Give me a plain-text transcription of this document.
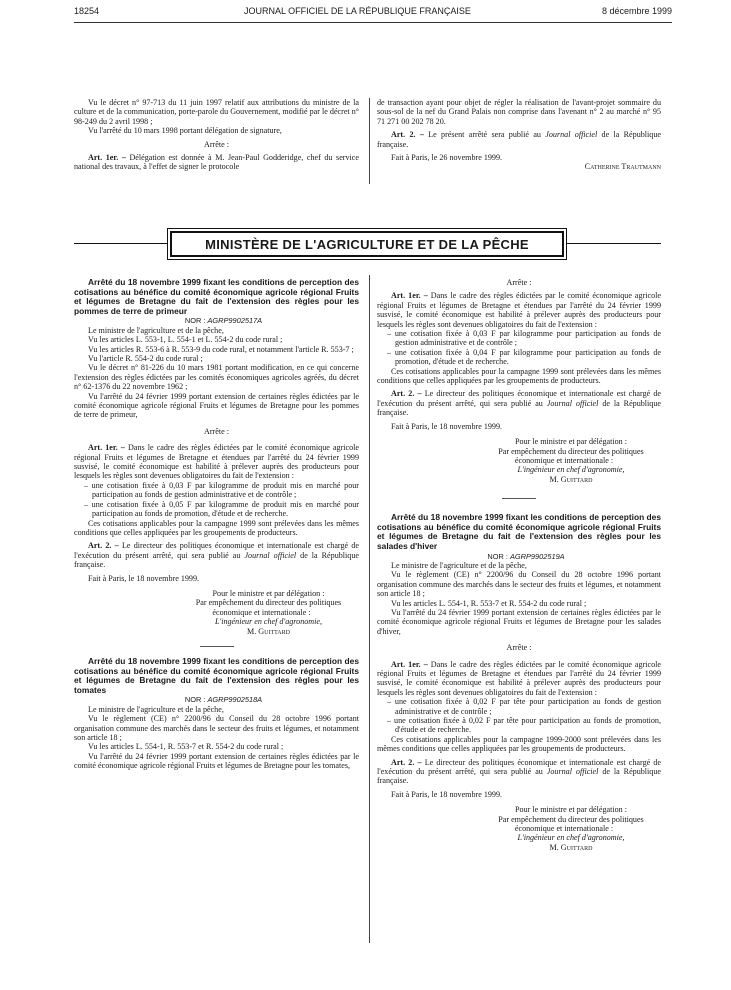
18254	JOURNAL OFFICIEL DE LA RÉPUBLIQUE FRANÇAISE	8 décembre 1999

Vu le décret n° 97-713 du 11 juin 1997 relatif aux attributions du ministre de la culture et de la communication, porte-parole du Gouvernement, modifié par le décret n° 98-249 du 2 avril 1998 ;

Vu l'arrêté du 10 mars 1998 portant délégation de signature,

Arrête :

Art. 1er. – Délégation est donnée à M. Jean-Paul Godderidge, chef du service national des travaux, à l'effet de signer le protocole

de transaction ayant pour objet de régler la réalisation de l'avant-projet sommaire du sous-sol de la nef du Grand Palais non comprise dans l'avenant n° 2 au marché n° 95 71 271 00 202 78 20.

Art. 2. – Le présent arrêté sera publié au Journal officiel de la République française.

Fait à Paris, le 26 novembre 1999.

Catherine Trautmann

MINISTÈRE DE L'AGRICULTURE ET DE LA PÊCHE

Arrêté du 18 novembre 1999 fixant les conditions de perception des cotisations au bénéfice du comité économique agricole régional Fruits et légumes de Bretagne du fait de l'extension des règles pour les pommes de terre de primeur

NOR : AGRP9902517A

Le ministre de l'agriculture et de la pêche,

Vu les articles L. 553-1, L. 554-1 et L. 554-2 du code rural ;

Vu les articles R. 553-6 à R. 553-9 du code rural, et notamment l'article R. 553-7 ;

Vu l'article R. 554-2 du code rural ;

Vu le décret n° 81-226 du 10 mars 1981 portant modification, en ce qui concerne l'extension des règles édictées par les comités économiques agricoles agréés, du décret n° 62-1376 du 22 novembre 1962 ;

Vu l'arrêté du 24 février 1999 portant extension de certaines règles édictées par le comité économique agricole régional Fruits et légumes de Bretagne pour les pommes de terre de primeur,

Arrête :

Art. 1er. – Dans le cadre des règles édictées par le comité économique agricole régional Fruits et légumes de Bretagne et étendues par l'arrêté du 24 février 1999 susvisé, le comité économique est habilité à prélever auprès des producteurs pour lesquels les règles sont devenues obligatoires du fait de l'extension :

– une cotisation fixée à 0,03 F par kilogramme de produit mis en marché pour participation au fonds de gestion administrative et de contrôle ;
– une cotisation fixée à 0,05 F par kilogramme de produit mis en marché pour participation au fonds de promotion, d'étude et de recherche.

Ces cotisations applicables pour la campagne 1999 sont prélevées dans les mêmes conditions que celles appliquées par les groupements de producteurs.

Art. 2. – Le directeur des politiques économique et internationale est chargé de l'exécution du présent arrêté, qui sera publié au Journal officiel de la République française.

Fait à Paris, le 18 novembre 1999.

Pour le ministre et par délégation :

Par empêchement du directeur des politiques économique et internationale :

L'ingénieur en chef d'agronomie,

M. Guittard

Arrêté du 18 novembre 1999 fixant les conditions de perception des cotisations au bénéfice du comité économique agricole régional Fruits et légumes de Bretagne du fait de l'extension des règles pour les tomates

NOR : AGRP9902518A

Le ministre de l'agriculture et de la pêche,

Vu le règlement (CE) n° 2200/96 du Conseil du 28 octobre 1996 portant organisation commune des marchés dans le secteur des fruits et légumes, et notamment son article 18 ;

Vu les articles L. 554-1, R. 553-7 et R. 554-2 du code rural ;

Vu l'arrêté du 24 février 1999 portant extension de certaines règles édictées par le comité économique agricole régional Fruits et légumes de Bretagne pour les tomates,

Arrête :

Art. 1er. – Dans le cadre des règles édictées par le comité économique agricole régional Fruits et légumes de Bretagne et étendues par l'arrêté du 24 février 1999 susvisé, le comité économique est habilité à prélever auprès des producteurs pour lesquels les règles sont devenues obligatoires du fait de l'extension :

– une cotisation fixée à 0,03 F par kilogramme pour participation au fonds de gestion administrative et de contrôle ;
– une cotisation fixée à 0,04 F par kilogramme pour participation au fonds de promotion, d'étude et de recherche.

Ces cotisations applicables pour la campagne 1999 sont prélevées dans les mêmes conditions que celles appliquées par les groupements de producteurs.

Art. 2. – Le directeur des politiques économique et internationale est chargé de l'exécution du présent arrêté, qui sera publié au Journal officiel de la République française.

Fait à Paris, le 18 novembre 1999.

Pour le ministre et par délégation :

Par empêchement du directeur des politiques économique et internationale :

L'ingénieur en chef d'agronomie,

M. Guittard

Arrêté du 18 novembre 1999 fixant les conditions de perception des cotisations au bénéfice du comité économique agricole régional Fruits et légumes de Bretagne du fait de l'extension des règles pour les salades d'hiver

NOR : AGRP9902519A

Le ministre de l'agriculture et de la pêche,

Vu le règlement (CE) n° 2200/96 du Conseil du 28 octobre 1996 portant organisation commune des marchés dans le secteur des fruits et légumes, et notamment son article 18 ;

Vu les articles L. 554-1, R. 553-7 et R. 554-2 du code rural ;

Vu l'arrêté du 24 février 1999 portant extension de certaines règles édictées par le comité économique agricole régional Fruits et légumes de Bretagne pour les salades d'hiver,

Arrête :

Art. 1er. – Dans le cadre des règles édictées par le comité économique agricole régional Fruits et légumes de Bretagne et étendues par l'arrêté du 24 février 1999 susvisé, le comité économique est habilité à prélever auprès des producteurs pour lesquels les règles sont devenues obligatoires du fait de l'extension :

– une cotisation fixée à 0,02 F par tête pour participation au fonds de gestion administrative et de contrôle ;
– une cotisation fixée à 0,02 F par tête pour participation au fonds de promotion, d'étude et de recherche.

Ces cotisations applicables pour la campagne 1999-2000 sont prélevées dans les mêmes conditions que celles appliquées par les groupements de producteurs.

Art. 2. – Le directeur des politiques économique et internationale est chargé de l'exécution du présent arrêté, qui sera publié au Journal officiel de la République française.

Fait à Paris, le 18 novembre 1999.

Pour le ministre et par délégation :

Par empêchement du directeur des politiques économique et internationale :

L'ingénieur en chef d'agronomie,

M. Guittard
